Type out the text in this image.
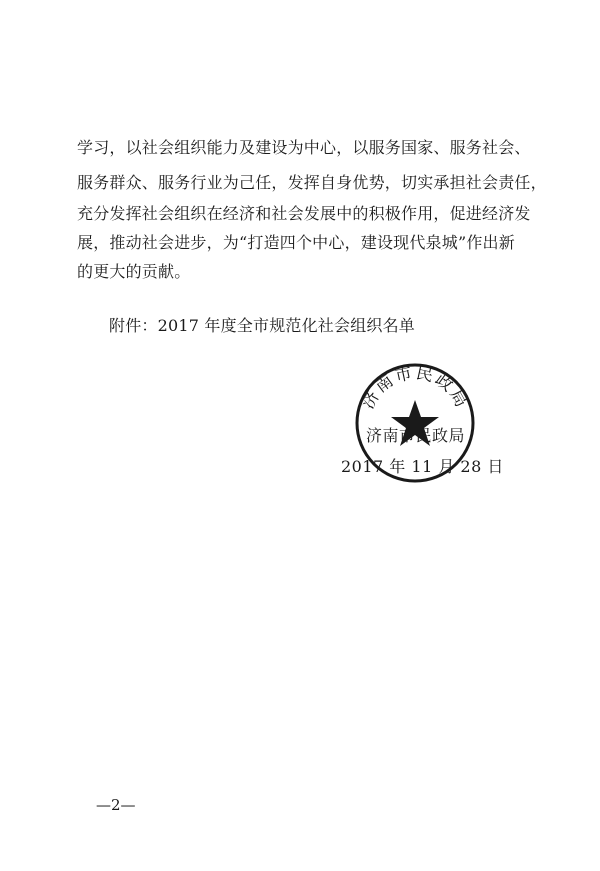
学习，以社会组织能力及建设为中心，以服务国家、服务社会、
服务群众、服务行业为己任，发挥自身优势，切实承担社会责任，
充分发挥社会组织在经济和社会发展中的积极作用，促进经济发
展，推动社会进步，为“打造四个中心，建设现代泉城”作出新
的更大的贡献。
附件：2017 年度全市规范化社会组织名单
济南市民政局
济南市民政局
2017 年 11 月 28 日
—2—
